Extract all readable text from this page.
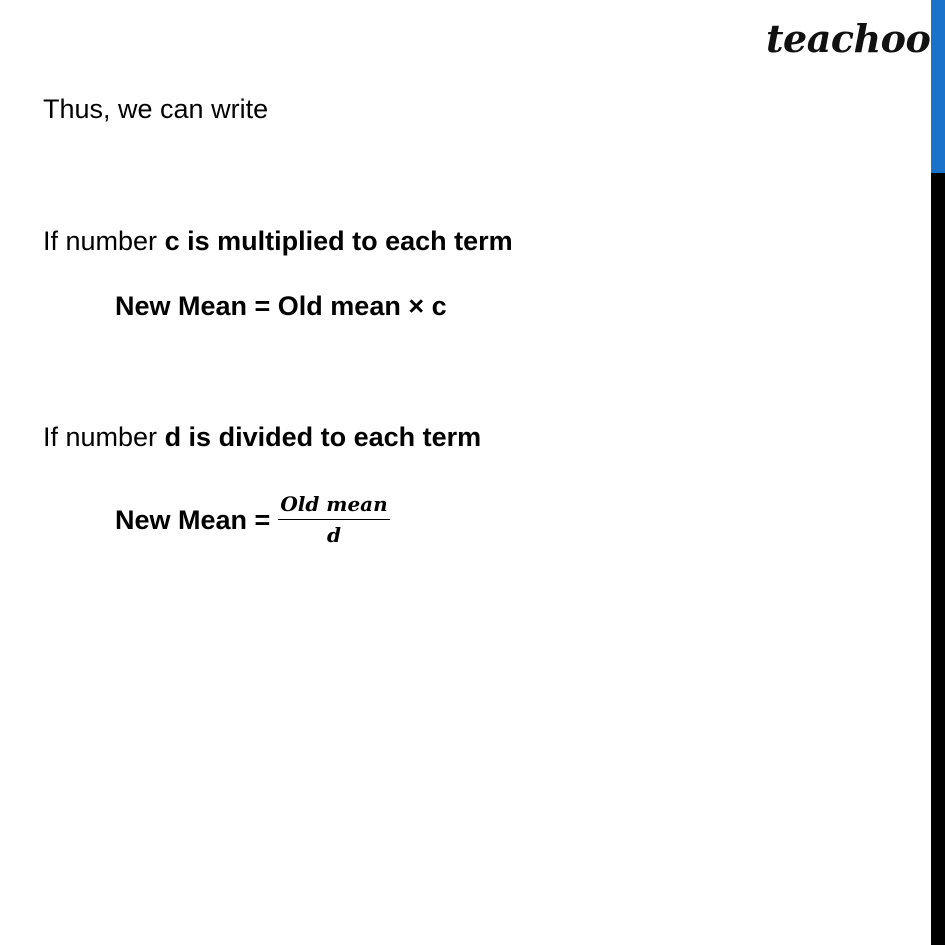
teachoo
Thus, we can write
If number c is multiplied to each term
New Mean = Old mean × c
If number d is divided to each term
New Mean = $\frac{\text{Old mean}}{d}$
